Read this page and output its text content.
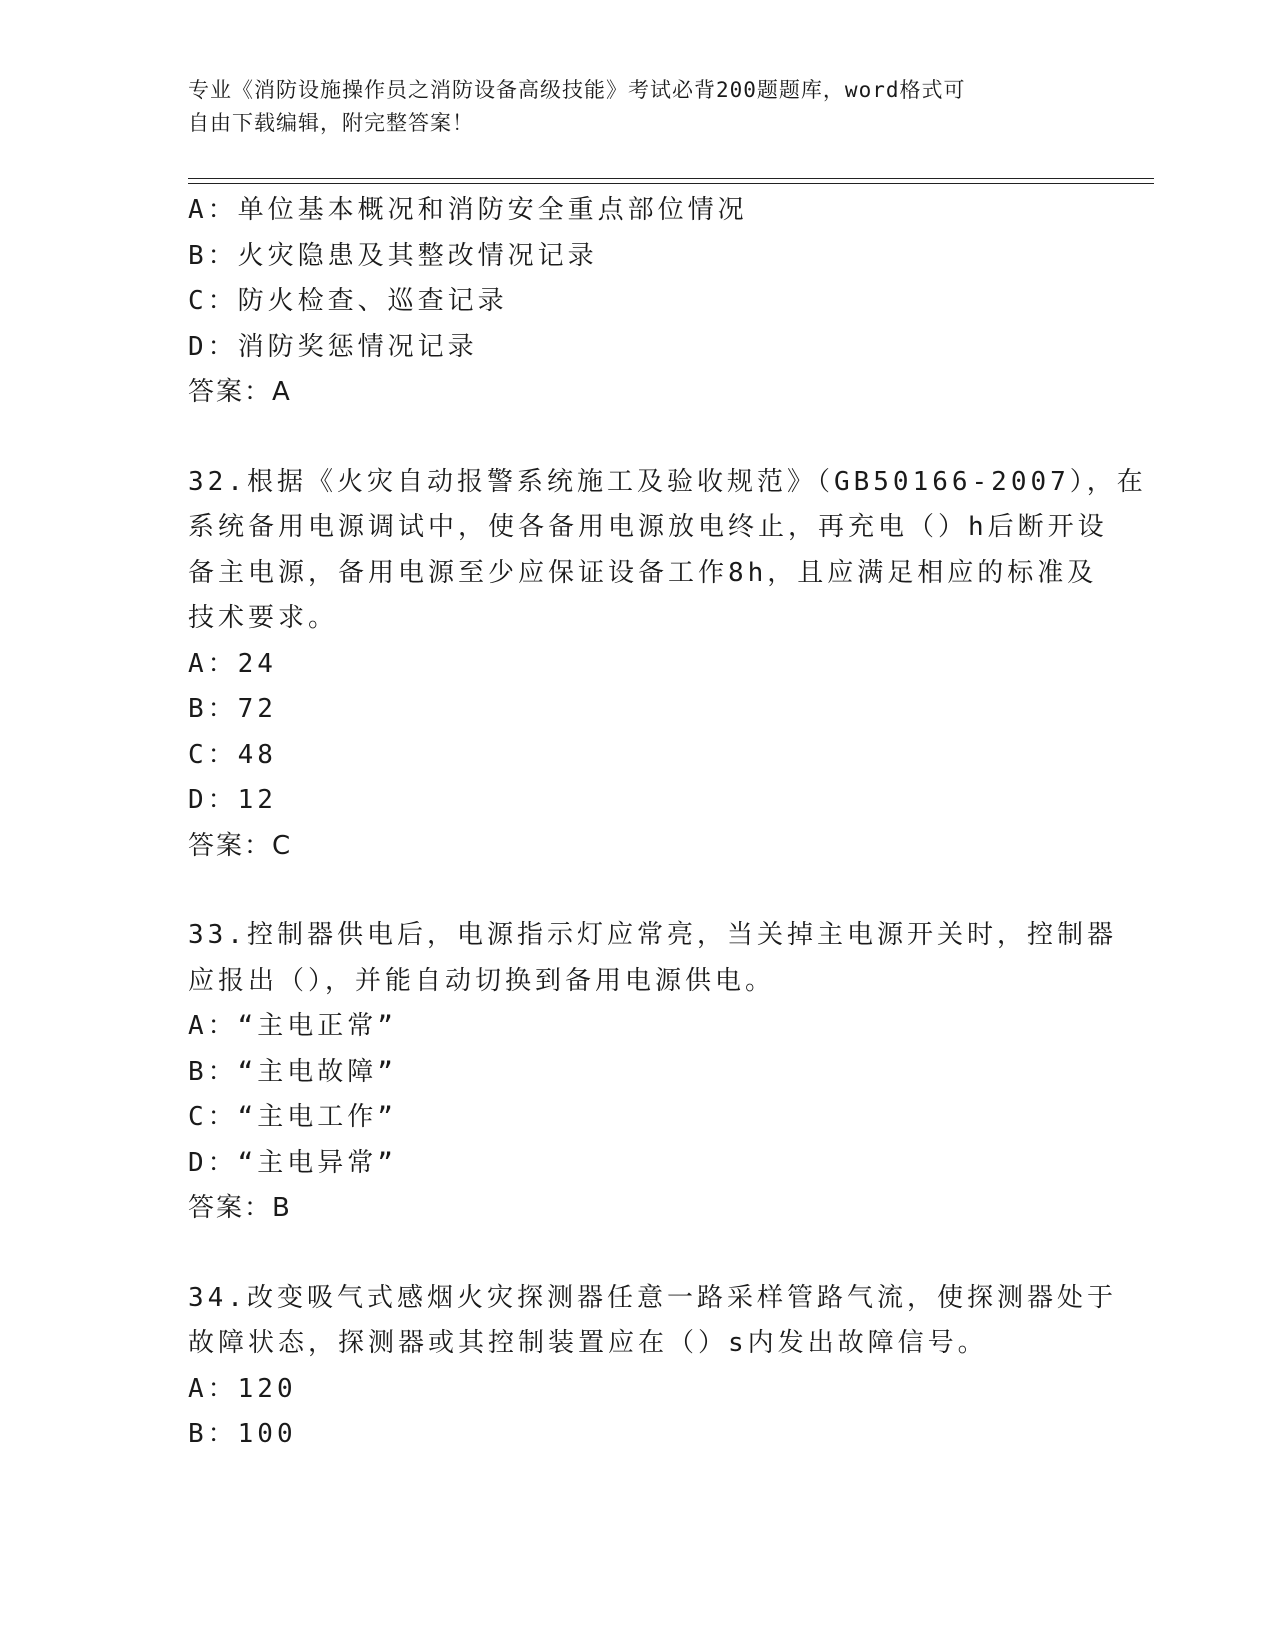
专业《消防设施操作员之消防设备高级技能》考试必背200题题库，word格式可
自由下载编辑，附完整答案！
A：单位基本概况和消防安全重点部位情况
B：火灾隐患及其整改情况记录
C：防火检查、巡查记录
D：消防奖惩情况记录
答案：A
32.根据《火灾自动报警系统施工及验收规范》（GB50166-2007），在
系统备用电源调试中，使各备用电源放电终止，再充电（）h后断开设
备主电源，备用电源至少应保证设备工作8h，且应满足相应的标准及
技术要求。
A：24
B：72
C：48
D：12
答案：C
33.控制器供电后，电源指示灯应常亮，当关掉主电源开关时，控制器
应报出（），并能自动切换到备用电源供电。
A：“主电正常”
B：“主电故障”
C：“主电工作”
D：“主电异常”
答案：B
34.改变吸气式感烟火灾探测器任意一路采样管路气流，使探测器处于
故障状态，探测器或其控制装置应在（）s内发出故障信号。
A：120
B：100
